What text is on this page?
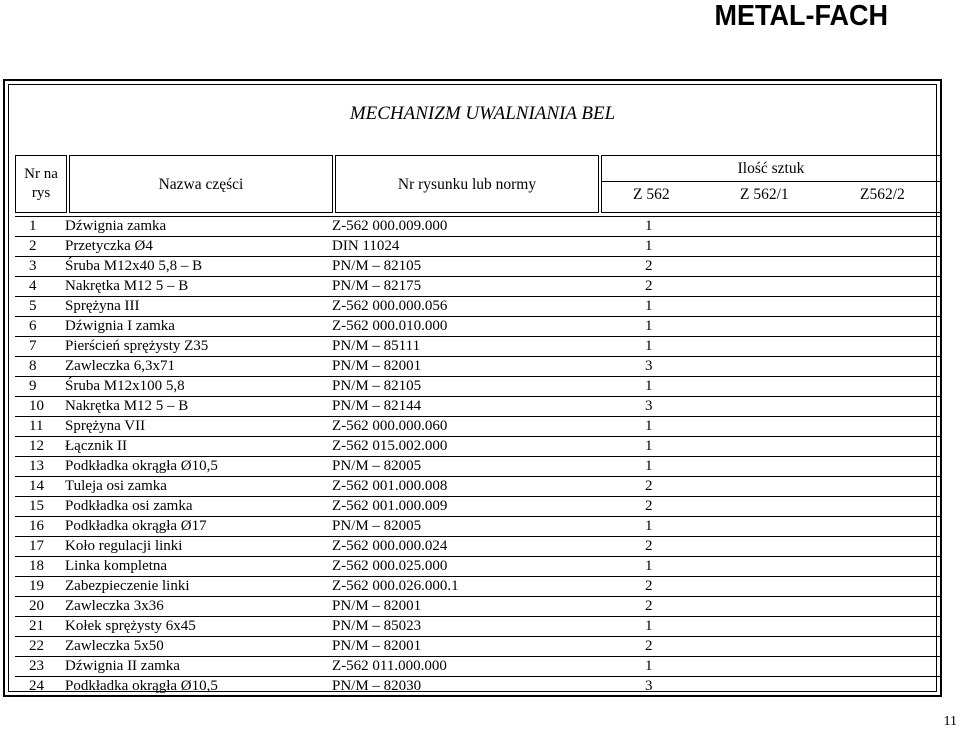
METAL-FACH
MECHANIZM UWALNIANIA BEL
Nr na rys	Nazwa części	Nr rysunku lub normy
Ilość sztuk
Z 562	Z 562/1	Z562/2
1 Dźwignia zamka	Z-562 000.009.000	1
2 Przetyczka Ø4	DIN 11024	1
3 Śruba M12x40 5,8 – B	PN/M – 82105	2
4 Nakrętka M12 5 – B	PN/M – 82175	2
5 Sprężyna III	Z-562 000.000.056	1
6 Dźwignia I zamka	Z-562 000.010.000	1
7 Pierścień sprężysty Z35	PN/M – 85111	1
8 Zawleczka 6,3x71	PN/M – 82001	3
9 Śruba M12x100 5,8	PN/M – 82105	1
10 Nakrętka M12 5 – B	PN/M – 82144	3
11 Sprężyna VII	Z-562 000.000.060	1
12 Łącznik II	Z-562 015.002.000	1
13 Podkładka okrągła Ø10,5	PN/M – 82005	1
14 Tuleja osi zamka	Z-562 001.000.008	2
15 Podkładka osi zamka	Z-562 001.000.009	2
16 Podkładka okrągła Ø17	PN/M – 82005	1
17 Koło regulacji linki	Z-562 000.000.024	2
18 Linka kompletna	Z-562 000.025.000	1
19 Zabezpieczenie linki	Z-562 000.026.000.1	2
20 Zawleczka 3x36	PN/M – 82001	2
21 Kołek sprężysty 6x45	PN/M – 85023	1
22 Zawleczka 5x50	PN/M – 82001	2
23 Dźwignia II zamka	Z-562 011.000.000	1
24 Podkładka okrągła Ø10,5	PN/M – 82030	3
11
